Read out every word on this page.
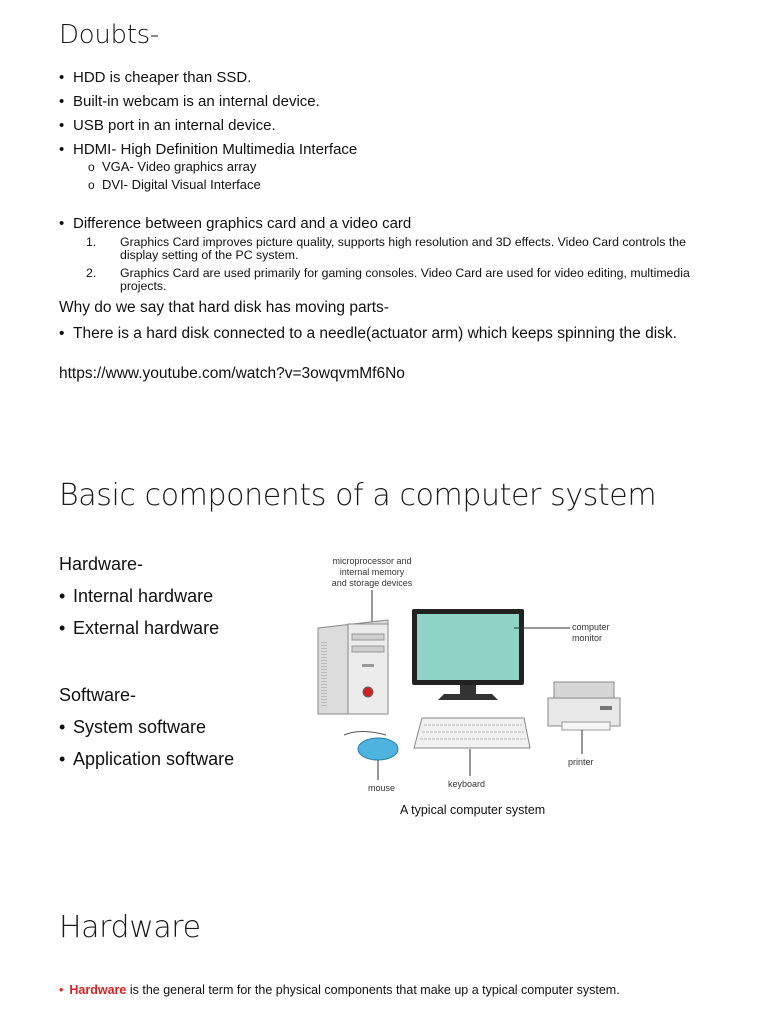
Doubts-
• HDD is cheaper than SSD.
• Built-in webcam is an internal device.
• USB port in an internal device.
• HDMI- High Definition Multimedia Interface
o VGA- Video graphics array
o DVI- Digital Visual Interface
• Difference between graphics card and a video card
1. Graphics Card improves picture quality, supports high resolution and 3D effects. Video Card controls the display setting of the PC system.
2. Graphics Card are used primarily for gaming consoles. Video Card are used for video editing, multimedia projects.
Why do we say that hard disk has moving parts-
• There is a hard disk connected to a needle(actuator arm) which keeps spinning the disk.
https://www.youtube.com/watch?v=3owqvmMf6No
Basic components of a computer system
Hardware-
• Internal hardware
• External hardware
Software-
• System software
• Application software
microprocessor and
internal memory
and storage devices
computer
monitor
printer
keyboard
mouse
A typical computer system
Hardware
• Hardware is the general term for the physical components that make up a typical computer system.
